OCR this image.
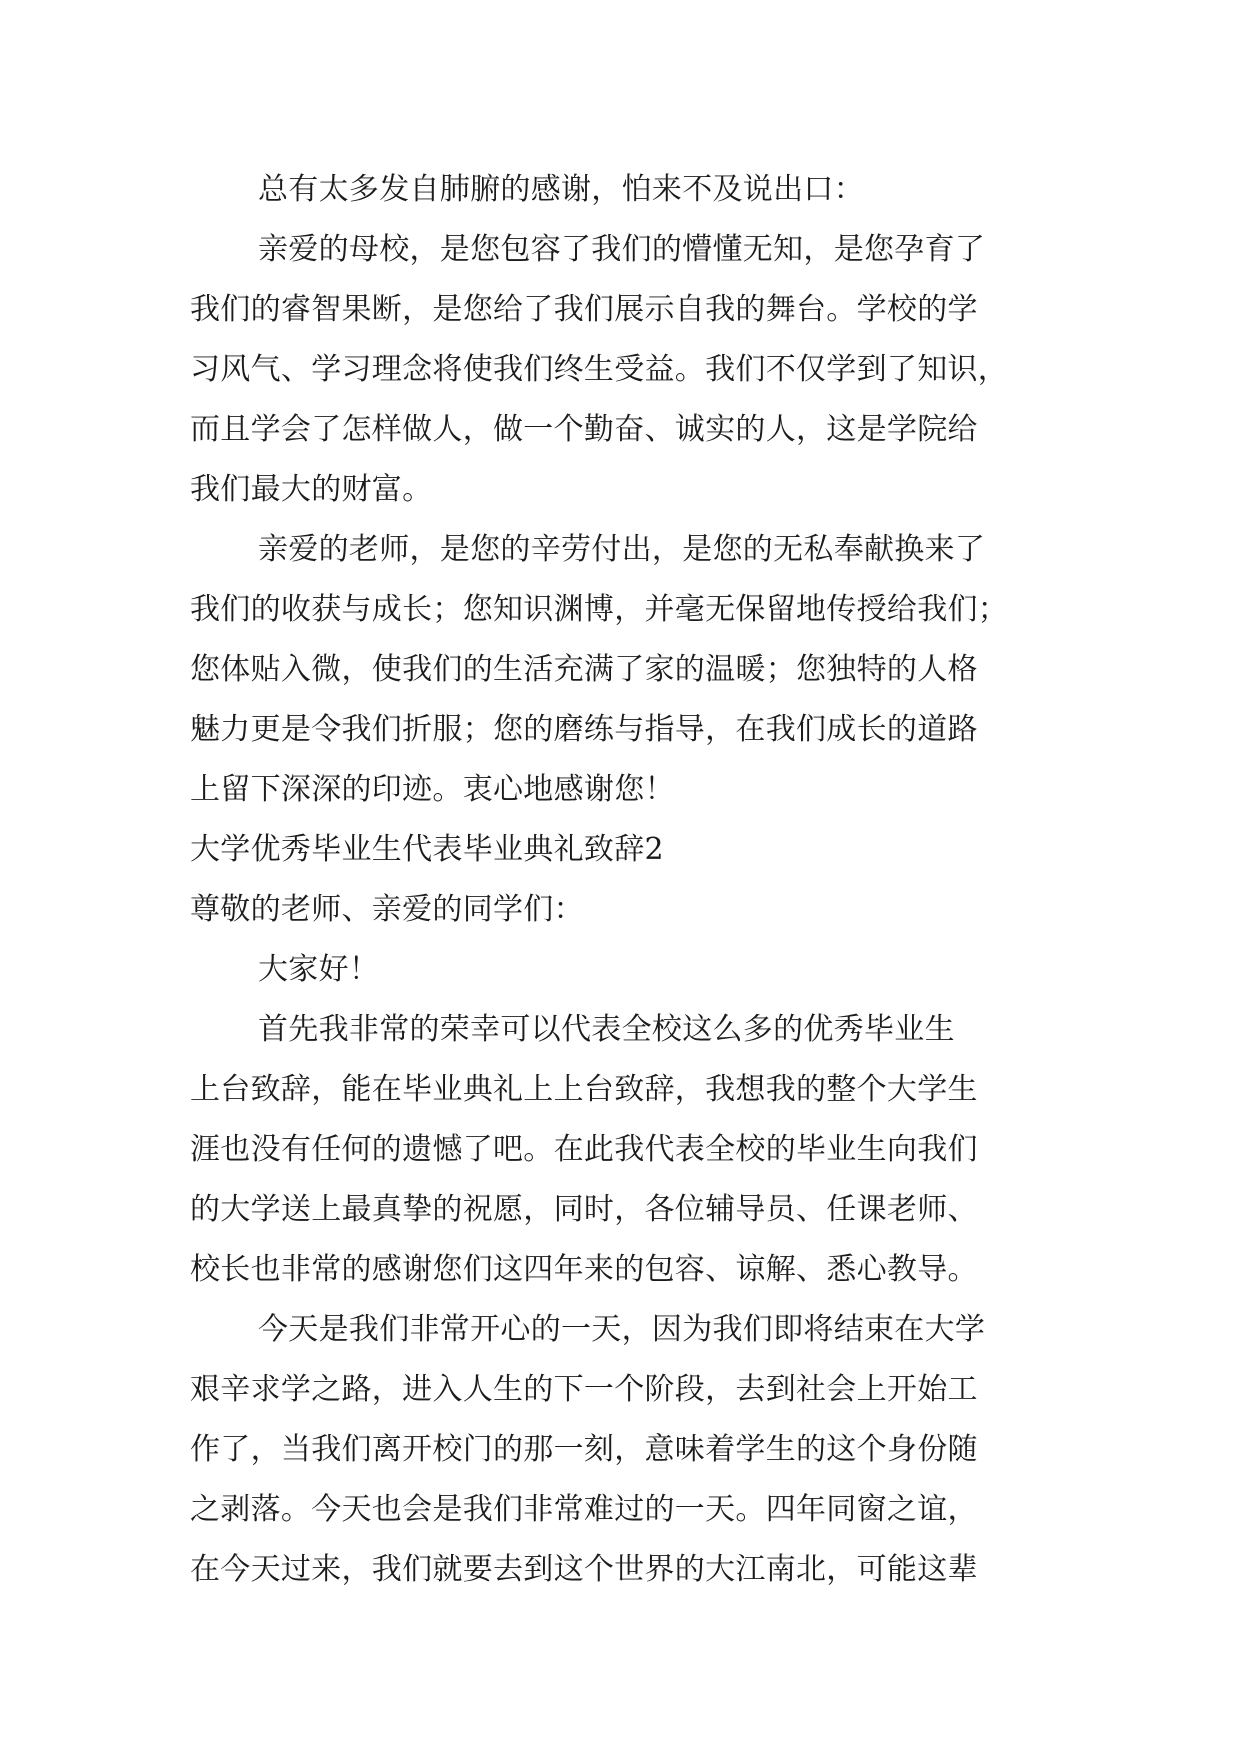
总有太多发自肺腑的感谢，怕来不及说出口：
亲爱的母校，是您包容了我们的懵懂无知，是您孕育了
我们的睿智果断，是您给了我们展示自我的舞台。学校的学
习风气、学习理念将使我们终生受益。我们不仅学到了知识，
而且学会了怎样做人，做一个勤奋、诚实的人，这是学院给
我们最大的财富。
亲爱的老师，是您的辛劳付出，是您的无私奉献换来了
我们的收获与成长；您知识渊博，并毫无保留地传授给我们；
您体贴入微，使我们的生活充满了家的温暖；您独特的人格
魅力更是令我们折服；您的磨练与指导，在我们成长的道路
上留下深深的印迹。衷心地感谢您！
大学优秀毕业生代表毕业典礼致辞2
尊敬的老师、亲爱的同学们：
大家好！
首先我非常的荣幸可以代表全校这么多的优秀毕业生
上台致辞，能在毕业典礼上上台致辞，我想我的整个大学生
涯也没有任何的遗憾了吧。在此我代表全校的毕业生向我们
的大学送上最真挚的祝愿，同时，各位辅导员、任课老师、
校长也非常的感谢您们这四年来的包容、谅解、悉心教导。
今天是我们非常开心的一天，因为我们即将结束在大学
艰辛求学之路，进入人生的下一个阶段，去到社会上开始工
作了，当我们离开校门的那一刻，意味着学生的这个身份随
之剥落。今天也会是我们非常难过的一天。四年同窗之谊，
在今天过来，我们就要去到这个世界的大江南北，可能这辈
